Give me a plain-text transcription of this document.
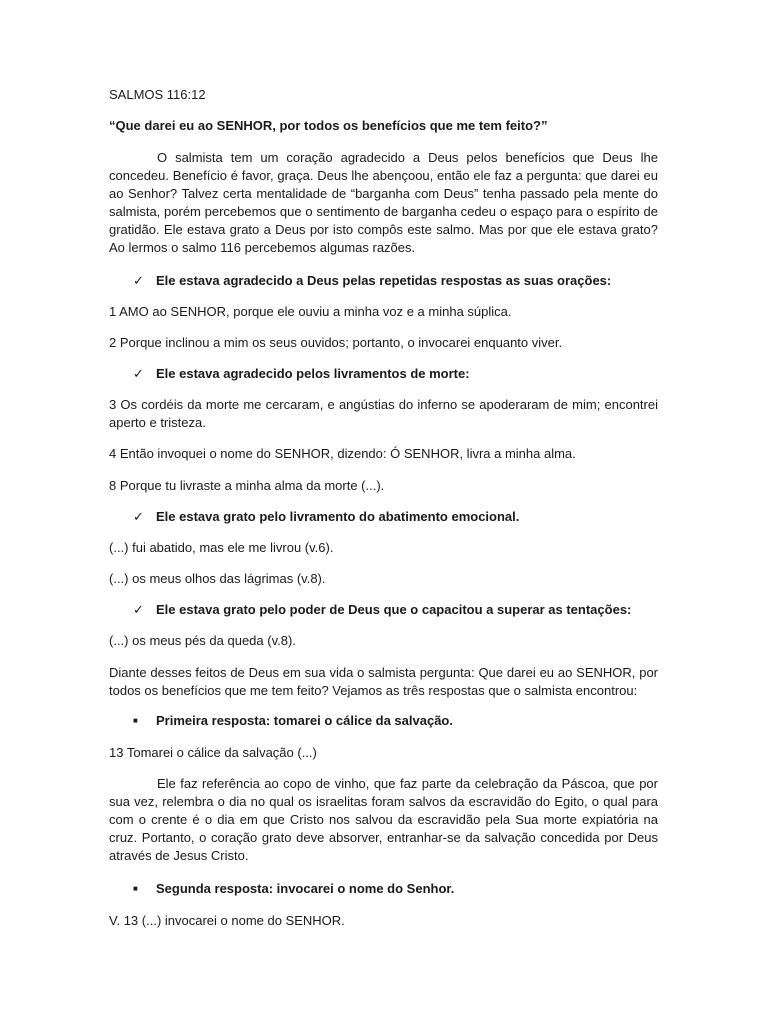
SALMOS 116:12
“Que darei eu ao SENHOR, por todos os benefícios que me tem feito?”
O salmista tem um coração agradecido a Deus pelos benefícios que Deus lhe concedeu. Benefício é favor, graça. Deus lhe abençoou, então ele faz a pergunta: que darei eu ao Senhor? Talvez certa mentalidade de “barganha com Deus” tenha passado pela mente do salmista, porém percebemos que o sentimento de barganha cedeu o espaço para o espírito de gratidão. Ele estava grato a Deus por isto compôs este salmo. Mas por que ele estava grato? Ao lermos o salmo 116 percebemos algumas razões.
✓ Ele estava agradecido a Deus pelas repetidas respostas as suas orações:
1 AMO ao SENHOR, porque ele ouviu a minha voz e a minha súplica.
2 Porque inclinou a mim os seus ouvidos; portanto, o invocarei enquanto viver.
✓ Ele estava agradecido pelos livramentos de morte:
3 Os cordéis da morte me cercaram, e angústias do inferno se apoderaram de mim; encontrei aperto e tristeza.
4 Então invoquei o nome do SENHOR, dizendo: Ó SENHOR, livra a minha alma.
8 Porque tu livraste a minha alma da morte (...).
✓ Ele estava grato pelo livramento do abatimento emocional.
(...) fui abatido, mas ele me livrou (v.6).
(...) os meus olhos das lágrimas (v.8).
✓ Ele estava grato pelo poder de Deus que o capacitou a superar as tentações:
(...) os meus pés da queda (v.8).
Diante desses feitos de Deus em sua vida o salmista pergunta: Que darei eu ao SENHOR, por todos os benefícios que me tem feito? Vejamos as três respostas que o salmista encontrou:
■ Primeira resposta: tomarei o cálice da salvação.
13 Tomarei o cálice da salvação (...)
Ele faz referência ao copo de vinho, que faz parte da celebração da Páscoa, que por sua vez, relembra o dia no qual os israelitas foram salvos da escravidão do Egito, o qual para com o crente é o dia em que Cristo nos salvou da escravidão pela Sua morte expiatória na cruz. Portanto, o coração grato deve absorver, entranhar-se da salvação concedida por Deus através de Jesus Cristo.
■ Segunda resposta: invocarei o nome do Senhor.
V. 13 (...) invocarei o nome do SENHOR.
